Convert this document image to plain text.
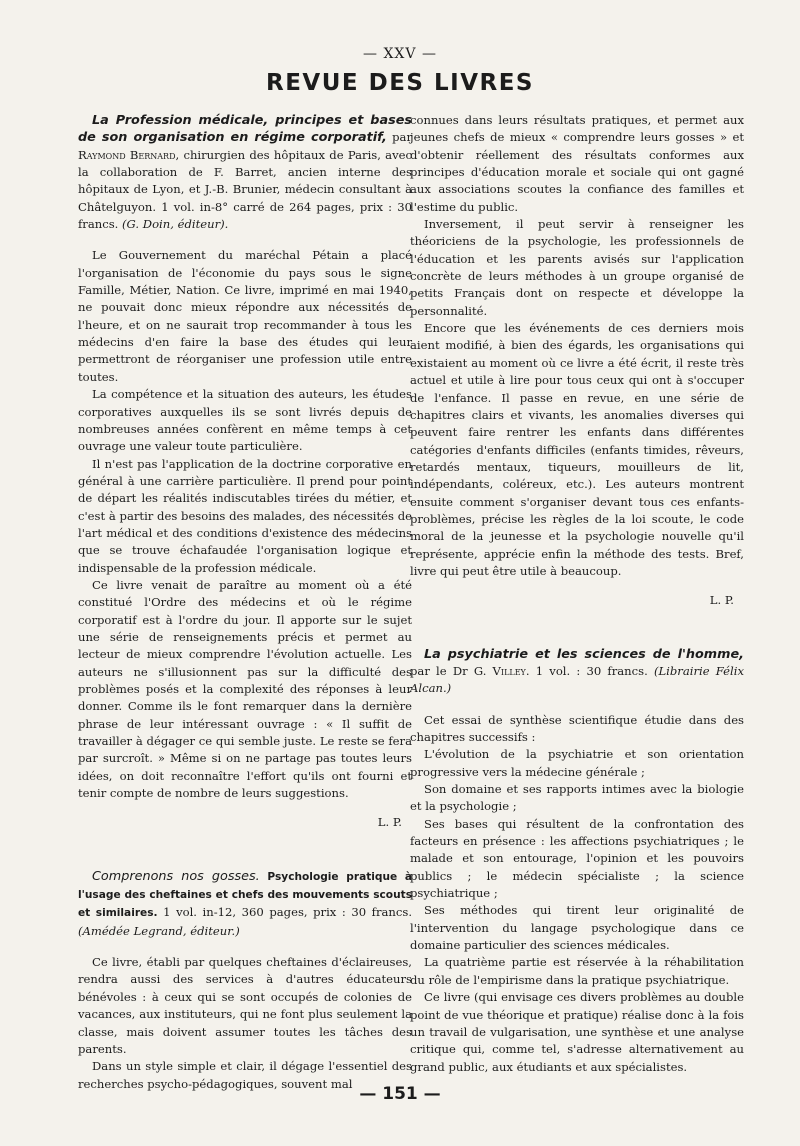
— XXV —
REVUE DES LIVRES

La Profession médicale, principes et bases de son organisation en régime corporatif, par Raymond Bernard, chirurgien des hôpitaux de Paris, avec la collaboration de F. Barret, ancien interne des hôpitaux de Lyon, et J.-B. Brunier, médecin consultant à Châtelguyon. 1 vol. in-8° carré de 264 pages, prix : 30 francs. (G. Doin, éditeur).

Le Gouvernement du maréchal Pétain a placé l'organisation de l'économie du pays sous le signe Famille, Métier, Nation. Ce livre, imprimé en mai 1940, ne pouvait donc mieux répondre aux nécessités de l'heure, et on ne saurait trop recommander à tous les médecins d'en faire la base des études qui leur permettront de réorganiser une profession utile entre toutes.

La compétence et la situation des auteurs, les études corporatives auxquelles ils se sont livrés depuis de nombreuses années confèrent en même temps à cet ouvrage une valeur toute particulière.

Il n'est pas l'application de la doctrine corporative en général à une carrière particulière. Il prend pour point de départ les réalités indiscutables tirées du métier, et c'est à partir des besoins des malades, des nécessités de l'art médical et des conditions d'existence des médecins que se trouve échafaudée l'organisation logique et indispensable de la profession médicale.

Ce livre venait de paraître au moment où a été constitué l'Ordre des médecins et où le régime corporatif est à l'ordre du jour. Il apporte sur le sujet une série de renseignements précis et permet au lecteur de mieux comprendre l'évolution actuelle. Les auteurs ne s'illusionnent pas sur la difficulté des problèmes posés et la complexité des réponses à leur donner. Comme ils le font remarquer dans la dernière phrase de leur intéressant ouvrage : « Il suffit de travailler à dégager ce qui semble juste. Le reste se fera par surcroît. » Même si on ne partage pas toutes leurs idées, on doit reconnaître l'effort qu'ils ont fourni et tenir compte de nombre de leurs suggestions.

L. P.

Comprenons nos gosses. Psychologie pratique à l'usage des cheftaines et chefs des mouvements scouts et similaires. 1 vol. in-12, 360 pages, prix : 30 francs. (Amédée Legrand, éditeur.)

Ce livre, établi par quelques cheftaines d'éclaireuses, rendra aussi des services à d'autres éducateurs bénévoles : à ceux qui se sont occupés de colonies de vacances, aux instituteurs, qui ne font plus seulement la classe, mais doivent assumer toutes les tâches des parents.

Dans un style simple et clair, il dégage l'essentiel des recherches psycho-pédagogiques, souvent mal

connues dans leurs résultats pratiques, et permet aux jeunes chefs de mieux « comprendre leurs gosses » et d'obtenir réellement des résultats conformes aux principes d'éducation morale et sociale qui ont gagné aux associations scoutes la confiance des familles et l'estime du public.

Inversement, il peut servir à renseigner les théoriciens de la psychologie, les professionnels de l'éducation et les parents avisés sur l'application concrète de leurs méthodes à un groupe organisé de petits Français dont on respecte et développe la personnalité.

Encore que les événements de ces derniers mois aient modifié, à bien des égards, les organisations qui existaient au moment où ce livre a été écrit, il reste très actuel et utile à lire pour tous ceux qui ont à s'occuper de l'enfance. Il passe en revue, en une série de chapitres clairs et vivants, les anomalies diverses qui peuvent faire rentrer les enfants dans différentes catégories d'enfants difficiles (enfants timides, rêveurs, retardés mentaux, tiqueurs, mouilleurs de lit, indépendants, coléreux, etc.). Les auteurs montrent ensuite comment s'organiser devant tous ces enfants-problèmes, précise les règles de la loi scoute, le code moral de la jeunesse et la psychologie nouvelle qu'il représente, apprécie enfin la méthode des tests. Bref, livre qui peut être utile à beaucoup.

L. P.

La psychiatrie et les sciences de l'homme, par le Dr G. Villey. 1 vol. : 30 francs. (Librairie Félix Alcan.)

Cet essai de synthèse scientifique étudie dans des chapitres successifs :

L'évolution de la psychiatrie et son orientation progressive vers la médecine générale ;

Son domaine et ses rapports intimes avec la biologie et la psychologie ;

Ses bases qui résultent de la confrontation des facteurs en présence : les affections psychiatriques ; le malade et son entourage, l'opinion et les pouvoirs publics ; le médecin spécialiste ; la science psychiatrique ;

Ses méthodes qui tirent leur originalité de l'intervention du langage psychologique dans ce domaine particulier des sciences médicales.

La quatrième partie est réservée à la réhabilitation du rôle de l'empirisme dans la pratique psychiatrique.

Ce livre (qui envisage ces divers problèmes au double point de vue théorique et pratique) réalise donc à la fois un travail de vulgarisation, une synthèse et une analyse critique qui, comme tel, s'adresse alternativement au grand public, aux étudiants et aux spécialistes.

— 151 —
